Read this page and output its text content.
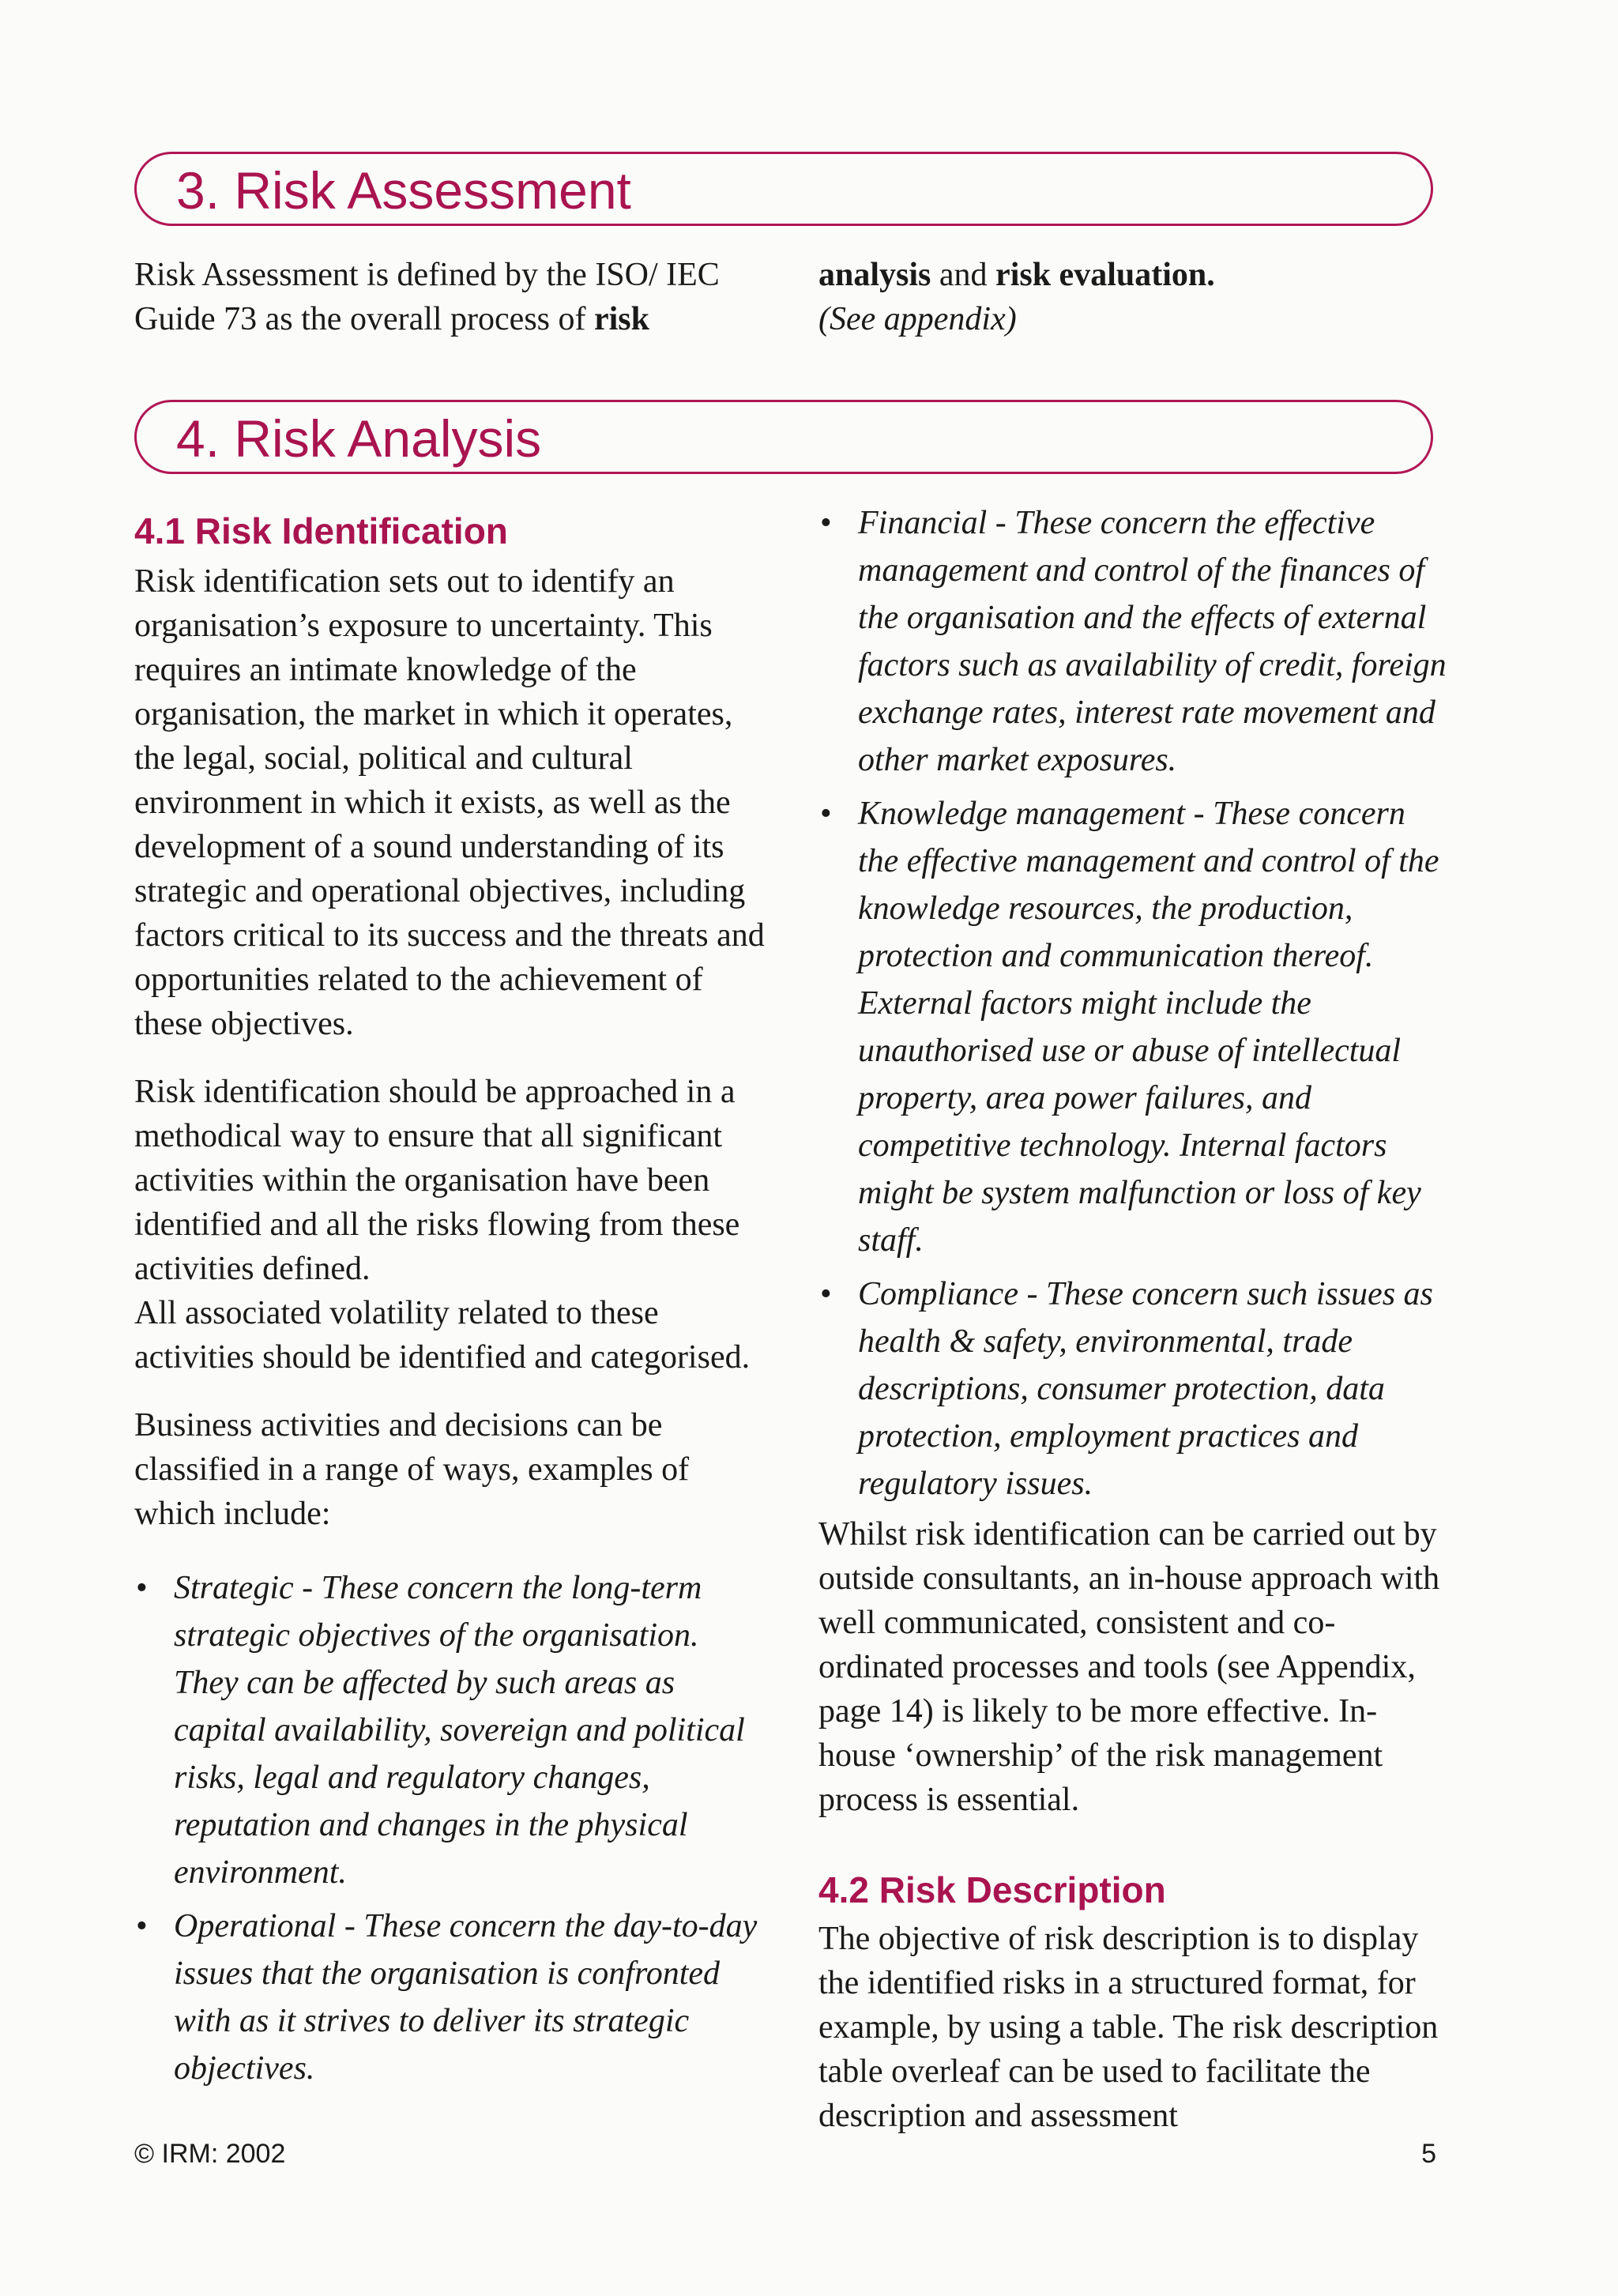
3. Risk Assessment

Risk Assessment is defined by the ISO/ IEC Guide 73 as the overall process of risk

analysis and risk evaluation.

(See appendix)

4. Risk Analysis
4.1 Risk Identification

Risk identification sets out to identify an organisation’s exposure to uncertainty. This requires an intimate knowledge of the organisation, the market in which it operates, the legal, social, political and cultural environment in which it exists, as well as the development of a sound understanding of its strategic and operational objectives, including factors critical to its success and the threats and opportunities related to the achievement of these objectives.

Risk identification should be approached in a methodical way to ensure that all significant activities within the organisation have been identified and all the risks flowing from these activities defined.

All associated volatility related to these activities should be identified and categorised.

Business activities and decisions can be classified in a range of ways, examples of which include:

• Strategic - These concern the long-term strategic objectives of the organisation. They can be affected by such areas as capital availability, sovereign and political risks, legal and regulatory changes, reputation and changes in the physical environment.
• Operational - These concern the day-to-day issues that the organisation is confronted with as it strives to deliver its strategic objectives.
• Financial - These concern the effective management and control of the finances of the organisation and the effects of external factors such as availability of credit, foreign exchange rates, interest rate movement and other market exposures.
• Knowledge management - These concern the effective management and control of the knowledge resources, the production, protection and communication thereof. External factors might include the unauthorised use or abuse of intellectual property, area power failures, and competitive technology. Internal factors might be system malfunction or loss of key staff.
• Compliance - These concern such issues as health & safety, environmental, trade descriptions, consumer protection, data protection, employment practices and regulatory issues.

Whilst risk identification can be carried out by outside consultants, an in-house approach with well communicated, consistent and co-ordinated processes and tools (see Appendix, page 14) is likely to be more effective. In-house ‘ownership’ of the risk management process is essential.

4.2 Risk Description

The objective of risk description is to display the identified risks in a structured format, for example, by using a table. The risk description table overleaf can be used to facilitate the description and assessment

© IRM: 2002	5
